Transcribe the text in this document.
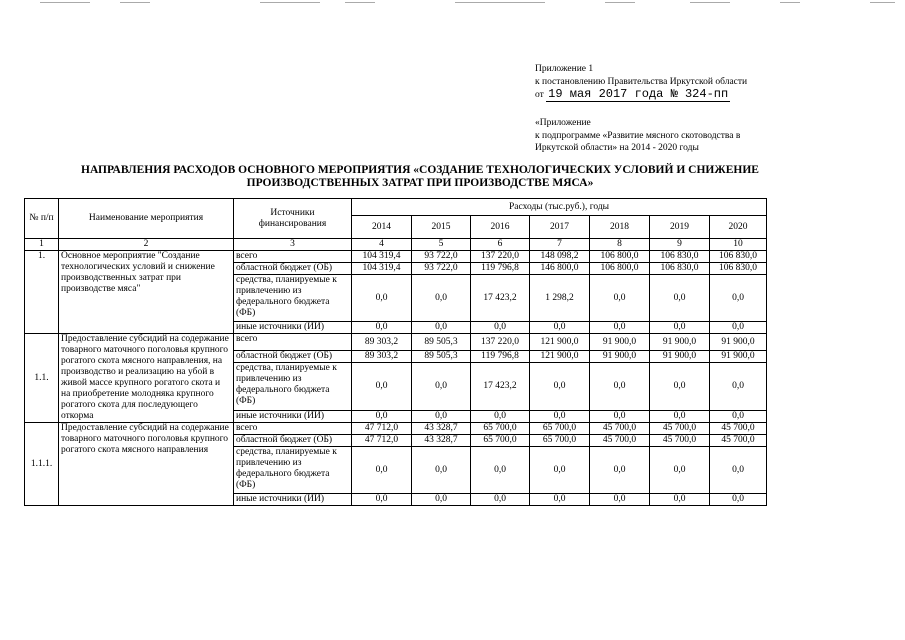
Приложение 1
к постановлению Правительства Иркутской области
от 19 мая 2017 года № 324-пп
«Приложение
к подпрограмме «Развитие мясного скотоводства в
Иркутской области» на 2014 - 2020 годы
НАПРАВЛЕНИЯ РАСХОДОВ ОСНОВНОГО МЕРОПРИЯТИЯ «СОЗДАНИЕ ТЕХНОЛОГИЧЕСКИХ УСЛОВИЙ И СНИЖЕНИЕ
ПРОИЗВОДСТВЕННЫХ ЗАТРАТ ПРИ ПРОИЗВОДСТВЕ МЯСА»
№ п/п	Наименование мероприятия	Источники финансирования	Расходы (тыс.руб.), годы						
			2014	2015	2016	2017	2018	2019	2020
1	2	3	4	5	6	7	8	9	10
1.	Основное мероприятие "Создание технологических условий и снижение производственных затрат при производстве мяса"	всего	104 319,4	93 722,0	137 220,0	148 098,2	106 800,0	106 830,0	106 830,0
		областной бюджет (ОБ)	104 319,4	93 722,0	119 796,8	146 800,0	106 800,0	106 830,0	106 830,0
		средства, планируемые к привлечению из федерального бюджета (ФБ)	0,0	0,0	17 423,2	1 298,2	0,0	0,0	0,0
		иные источники (ИИ)	0,0	0,0	0,0	0,0	0,0	0,0	0,0
1.1.	Предоставление субсидий на содержание товарного маточного поголовья крупного рогатого скота мясного направления, на производство и реализацию на убой в живой массе крупного рогатого скота и на приобретение молодняка крупного рогатого скота для последующего откорма	всего	89 303,2	89 505,3	137 220,0	121 900,0	91 900,0	91 900,0	91 900,0
		областной бюджет (ОБ)	89 303,2	89 505,3	119 796,8	121 900,0	91 900,0	91 900,0	91 900,0
		средства, планируемые к привлечению из федерального бюджета (ФБ)	0,0	0,0	17 423,2	0,0	0,0	0,0	0,0
		иные источники (ИИ)	0,0	0,0	0,0	0,0	0,0	0,0	0,0
1.1.1.	Предоставление субсидий на содержание товарного маточного поголовья крупного рогатого скота мясного направления	всего	47 712,0	43 328,7	65 700,0	65 700,0	45 700,0	45 700,0	45 700,0
		областной бюджет (ОБ)	47 712,0	43 328,7	65 700,0	65 700,0	45 700,0	45 700,0	45 700,0
		средства, планируемые к привлечению из федерального бюджета (ФБ)	0,0	0,0	0,0	0,0	0,0	0,0	0,0
		иные источники (ИИ)	0,0	0,0	0,0	0,0	0,0	0,0	0,0
